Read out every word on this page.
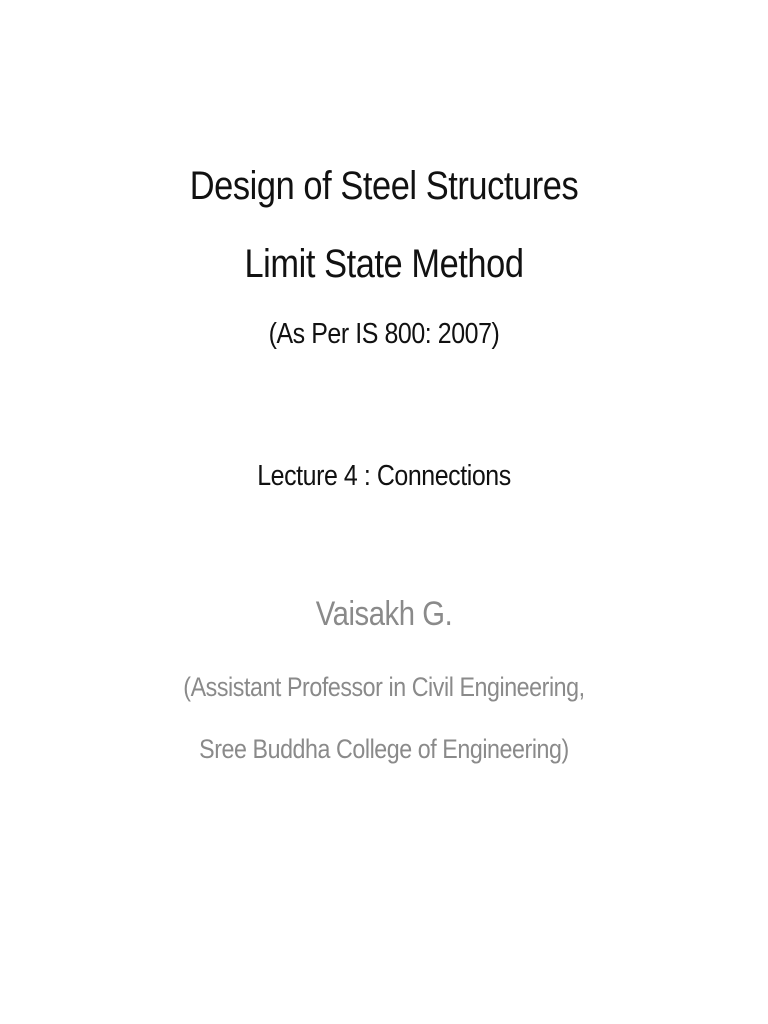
Design of Steel Structures
Limit State Method
(As Per IS 800: 2007)
Lecture 4 : Connections
Vaisakh G.
(Assistant Professor in Civil Engineering,
Sree Buddha College of Engineering)
